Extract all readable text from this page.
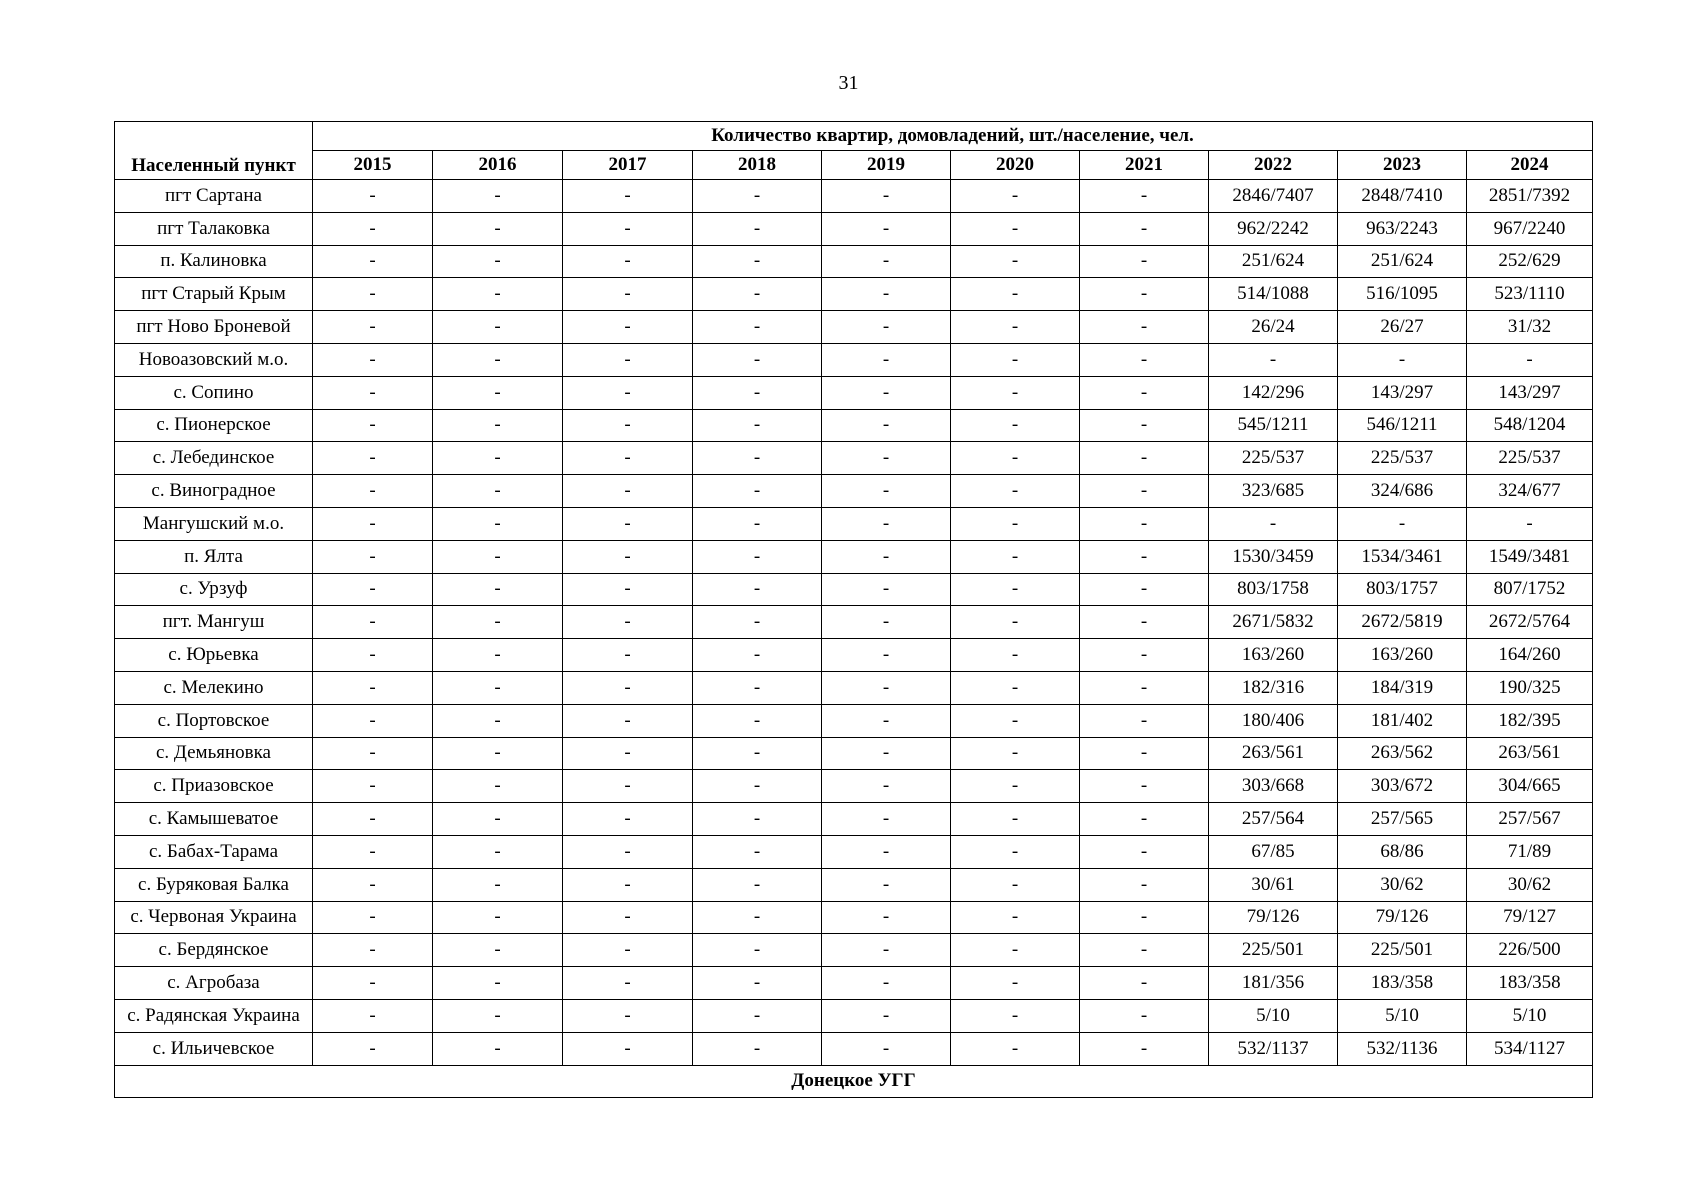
31
Населенный пункт	Количество квартир, домовладений, шт./население, чел.									
	2015	2016	2017	2018	2019	2020	2021	2022	2023	2024
пгт Сартана	-	-	-	-	-	-	-	2846/7407	2848/7410	2851/7392
пгт Талаковка	-	-	-	-	-	-	-	962/2242	963/2243	967/2240
п. Калиновка	-	-	-	-	-	-	-	251/624	251/624	252/629
пгт Старый Крым	-	-	-	-	-	-	-	514/1088	516/1095	523/1110
пгт Ново Броневой	-	-	-	-	-	-	-	26/24	26/27	31/32
Новоазовский м.о.	-	-	-	-	-	-	-	-	-	-
с. Сопино	-	-	-	-	-	-	-	142/296	143/297	143/297
с. Пионерское	-	-	-	-	-	-	-	545/1211	546/1211	548/1204
с. Лебединское	-	-	-	-	-	-	-	225/537	225/537	225/537
с. Виноградное	-	-	-	-	-	-	-	323/685	324/686	324/677
Мангушский м.о.	-	-	-	-	-	-	-	-	-	-
п. Ялта	-	-	-	-	-	-	-	1530/3459	1534/3461	1549/3481
с. Урзуф	-	-	-	-	-	-	-	803/1758	803/1757	807/1752
пгт. Мангуш	-	-	-	-	-	-	-	2671/5832	2672/5819	2672/5764
с. Юрьевка	-	-	-	-	-	-	-	163/260	163/260	164/260
с. Мелекино	-	-	-	-	-	-	-	182/316	184/319	190/325
с. Портовское	-	-	-	-	-	-	-	180/406	181/402	182/395
с. Демьяновка	-	-	-	-	-	-	-	263/561	263/562	263/561
с. Приазовское	-	-	-	-	-	-	-	303/668	303/672	304/665
с. Камышеватое	-	-	-	-	-	-	-	257/564	257/565	257/567
с. Бабах-Тарама	-	-	-	-	-	-	-	67/85	68/86	71/89
с. Буряковая Балка	-	-	-	-	-	-	-	30/61	30/62	30/62
с. Червоная Украина	-	-	-	-	-	-	-	79/126	79/126	79/127
с. Бердянское	-	-	-	-	-	-	-	225/501	225/501	226/500
с. Агробаза	-	-	-	-	-	-	-	181/356	183/358	183/358
с. Радянская Украина	-	-	-	-	-	-	-	5/10	5/10	5/10
с. Ильичевское	-	-	-	-	-	-	-	532/1137	532/1136	534/1127
Донецкое УГГ										
